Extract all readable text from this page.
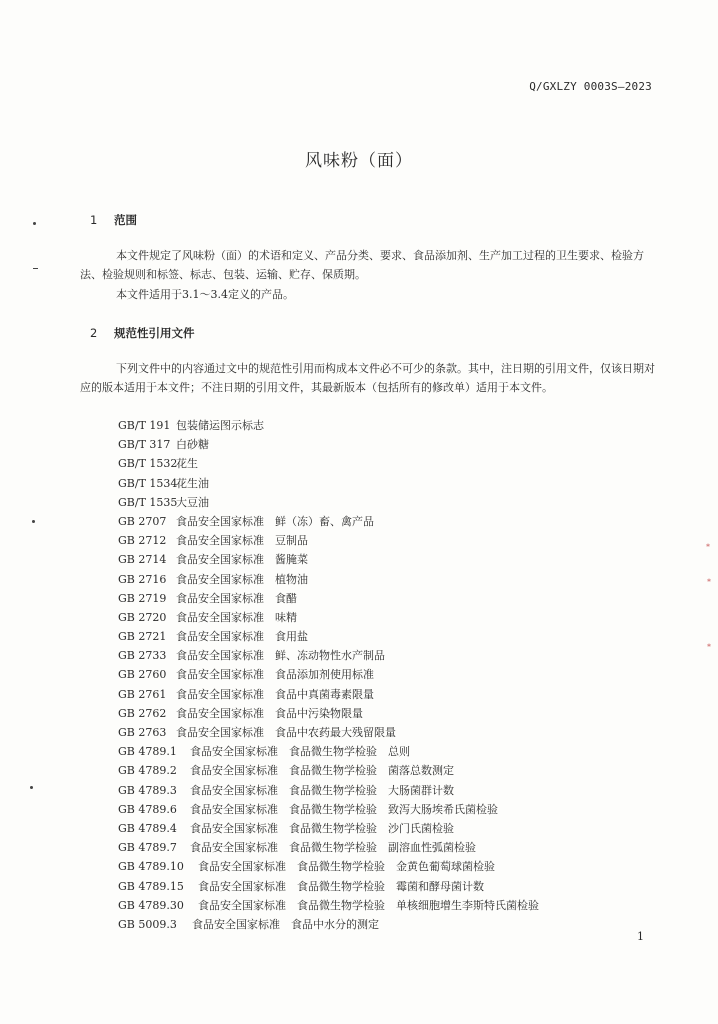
Q/GXLZY 0003S—2023
风味粉（面）
1 范围
本文件规定了风味粉（面）的术语和定义、产品分类、要求、食品添加剂、生产加工过程的卫生要求、检验方法、检验规则和标签、标志、包装、运输、贮存、保质期。
本文件适用于3.1～3.4定义的产品。
2 规范性引用文件
下列文件中的内容通过文中的规范性引用而构成本文件必不可少的条款。其中，注日期的引用文件，仅该日期对应的版本适用于本文件；不注日期的引用文件，其最新版本（包括所有的修改单）适用于本文件。
GB/T 191 包装储运图示标志
GB/T 317 白砂糖
GB/T 1532花生
GB/T 1534花生油
GB/T 1535大豆油
GB 2707 食品安全国家标准　鲜（冻）畜、禽产品
GB 2712 食品安全国家标准　豆制品
GB 2714 食品安全国家标准　酱腌菜
GB 2716 食品安全国家标准　植物油
GB 2719 食品安全国家标准　食醋
GB 2720 食品安全国家标准　味精
GB 2721 食品安全国家标准　食用盐
GB 2733 食品安全国家标准　鲜、冻动物性水产制品
GB 2760 食品安全国家标准　食品添加剂使用标准
GB 2761 食品安全国家标准　食品中真菌毒素限量
GB 2762 食品安全国家标准　食品中污染物限量
GB 2763 食品安全国家标准　食品中农药最大残留限量
GB 4789.1 食品安全国家标准　食品微生物学检验　总则
GB 4789.2 食品安全国家标准　食品微生物学检验　菌落总数测定
GB 4789.3 食品安全国家标准　食品微生物学检验　大肠菌群计数
GB 4789.6 食品安全国家标准　食品微生物学检验　致泻大肠埃希氏菌检验
GB 4789.4 食品安全国家标准　食品微生物学检验　沙门氏菌检验
GB 4789.7 食品安全国家标准　食品微生物学检验　副溶血性弧菌检验
GB 4789.10 食品安全国家标准　食品微生物学检验　金黄色葡萄球菌检验
GB 4789.15 食品安全国家标准　食品微生物学检验　霉菌和酵母菌计数
GB 4789.30 食品安全国家标准　食品微生物学检验　单核细胞增生李斯特氏菌检验
GB 5009.3 食品安全国家标准　食品中水分的测定
1
⁎
⁎
⁎
